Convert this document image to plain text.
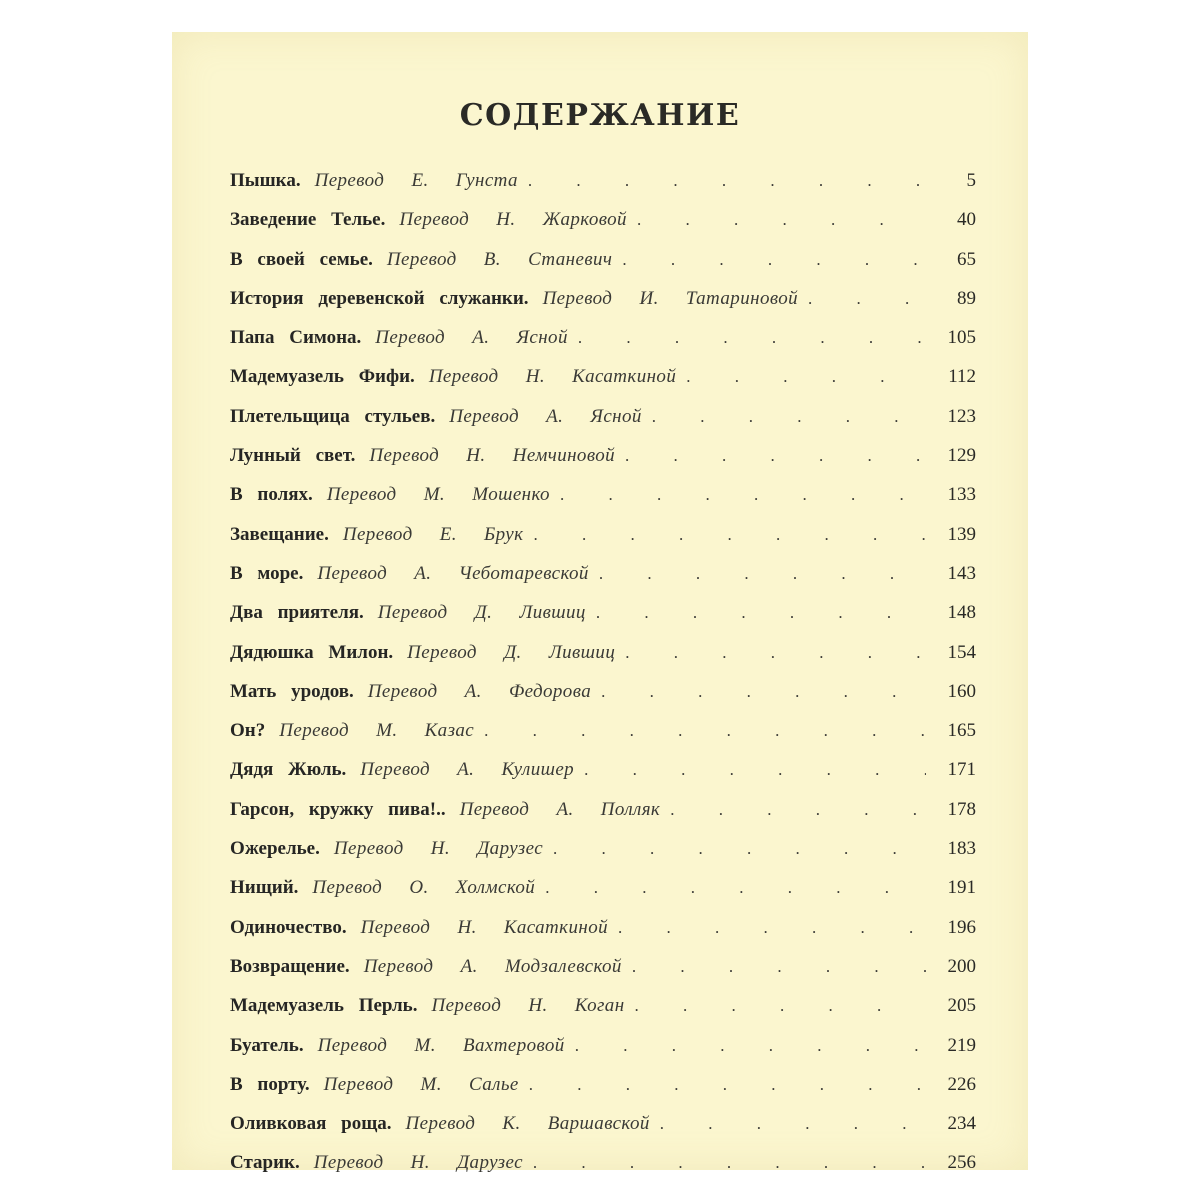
СОДЕРЖАНИЕ
Пышка. Перевод Е. Гунста . . .	5
Заведение Телье. Перевод Н. Жарковой . . .	40
В своей семье. Перевод В. Станевич . . .	65
История деревенской служанки. Перевод И. Татариновой . . .	89
Папа Симона. Перевод А. Ясной . . .	105
Мадемуазель Фифи. Перевод Н. Касаткиной . . .	112
Плетельщица стульев. Перевод А. Ясной . . .	123
Лунный свет. Перевод Н. Немчиновой . . .	129
В полях. Перевод М. Мошенко . . .	133
Завещание. Перевод Е. Брук . . .	139
В море. Перевод А. Чеботаревской . . .	143
Два приятеля. Перевод Д. Лившиц . . .	148
Дядюшка Милон. Перевод Д. Лившиц . . .	154
Мать уродов. Перевод А. Федорова . . .	160
Он? Перевод М. Казас . . .	165
Дядя Жюль. Перевод А. Кулишер . . .	171
Гарсон, кружку пива!.. Перевод А. Полляк . . .	178
Ожерелье. Перевод Н. Дарузес . . .	183
Нищий. Перевод О. Холмской . . .	191
Одиночество. Перевод Н. Касаткиной . . .	196
Возвращение. Перевод А. Модзалевской . . .	200
Мадемуазель Перль. Перевод Н. Коган . . .	205
Буатель. Перевод М. Вахтеровой . . .	219
В порту. Перевод М. Салье . . .	226
Оливковая роща. Перевод К. Варшавской . . .	234
Старик. Перевод Н. Дарузес . . .	256
